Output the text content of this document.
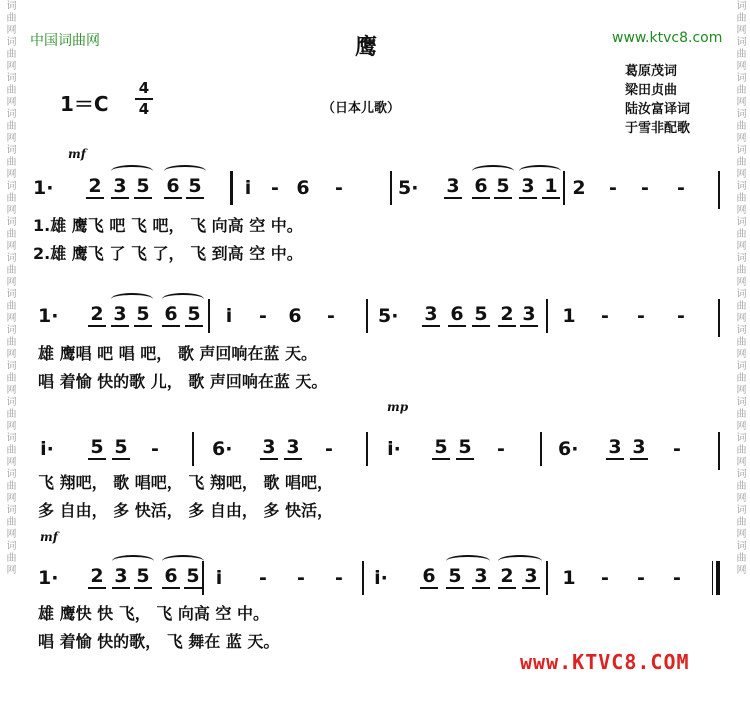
词曲网词曲网词曲网词曲网词曲网词曲网词曲网词曲网词曲网词曲网词曲网词曲网词曲网词曲网词曲网词曲网	词曲网词曲网词曲网词曲网词曲网词曲网词曲网词曲网词曲网词曲网词曲网词曲网词曲网词曲网词曲网词曲网
中国词曲网	www.ktvc8.com
鹰
1＝C
4
4	（日本儿歌）
葛原茂词
梁田贞曲
陆汝富译词
于雪非配歌
mf
mp
mf
1· 2 3 5 6 5	i	- 6 -	5· 3 6 5 3 1 2 - - -
1.雄 鹰飞 吧 飞 吧， 飞 向高 空 中。
2.雄 鹰飞 了 飞 了， 飞 到高 空 中。
1· 2 3 5 6 5	i	- 6 - 5· 3 6 5 2 3 1 - - -
雄 鹰唱 吧 唱 吧， 歌 声回响在蓝 天。
唱 着愉 快的歌 儿， 歌 声回响在蓝 天。
i· 5 5 -	6· 3 3 -	i· 5 5 -	6· 3 3 -
飞 翔吧， 歌 唱吧， 飞 翔吧， 歌 唱吧，
多 自由， 多 快活， 多 自由， 多 快活，
1· 2 3 5 6 5 i	- - - i· 6 5 3 2 3 1 - - -
雄 鹰快 快 飞， 飞 向高 空 中。
唱 着愉 快的歌， 飞 舞在 蓝 天。
www.KTVC8.COM
